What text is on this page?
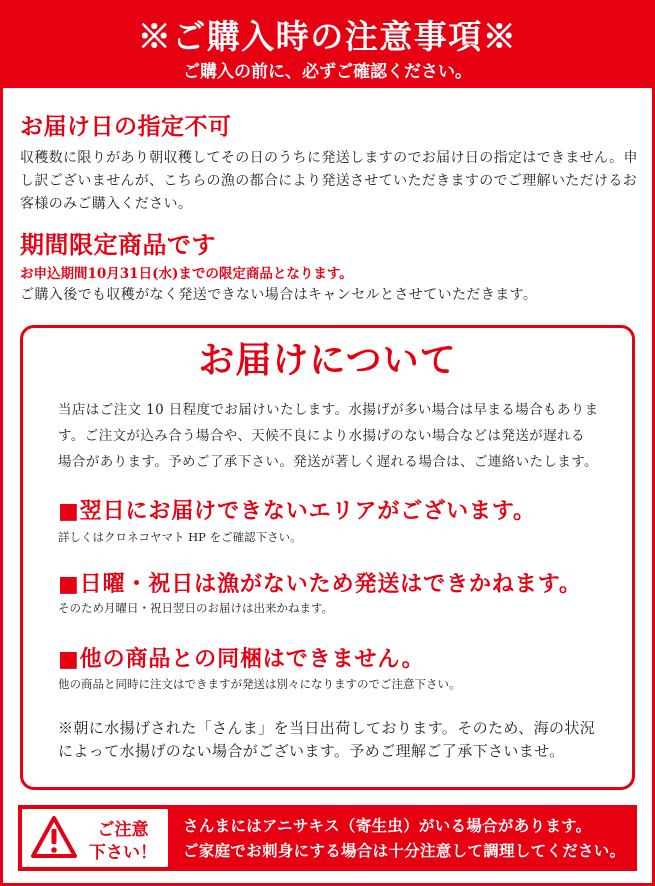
※ご購入時の注意事項※
ご購入の前に、必ずご確認ください。
お届け日の指定不可
収穫数に限りがあり朝収穫してその日のうちに発送しますのでお届け日の指定はできません。申
し訳ございませんが、こちらの漁の都合により発送させていただきますのでご理解いただけるお
客様のみご購入ください。
期間限定商品です
お申込期間10月31日(水)までの限定商品となります。
ご購入後でも収穫がなく発送できない場合はキャンセルとさせていただきます。
お届けについて
当店はご注文 10 日程度でお届けいたします。水揚げが多い場合は早まる場合もありま
す。ご注文が込み合う場合や、天候不良により水揚げのない場合などは発送が遅れる
場合があります。予めご了承下さい。発送が著しく遅れる場合は、ご連絡いたします。
■翌日にお届けできないエリアがございます。
詳しくはクロネコヤマト HP をご確認下さい。
■日曜・祝日は漁がないため発送はできかねます。
そのため月曜日・祝日翌日のお届けは出来かねます。
■他の商品との同梱はできません。
他の商品と同時に注文はできますが発送は別々になりますのでご注意下さい。
※朝に水揚げされた「さんま」を当日出荷しております。そのため、海の状況
によって水揚げのない場合がございます。予めご理解ご了承下さいませ。
ご注意
下さい！
さんまにはアニサキス（寄生虫）がいる場合があります。
ご家庭でお刺身にする場合は十分注意して調理してください。
